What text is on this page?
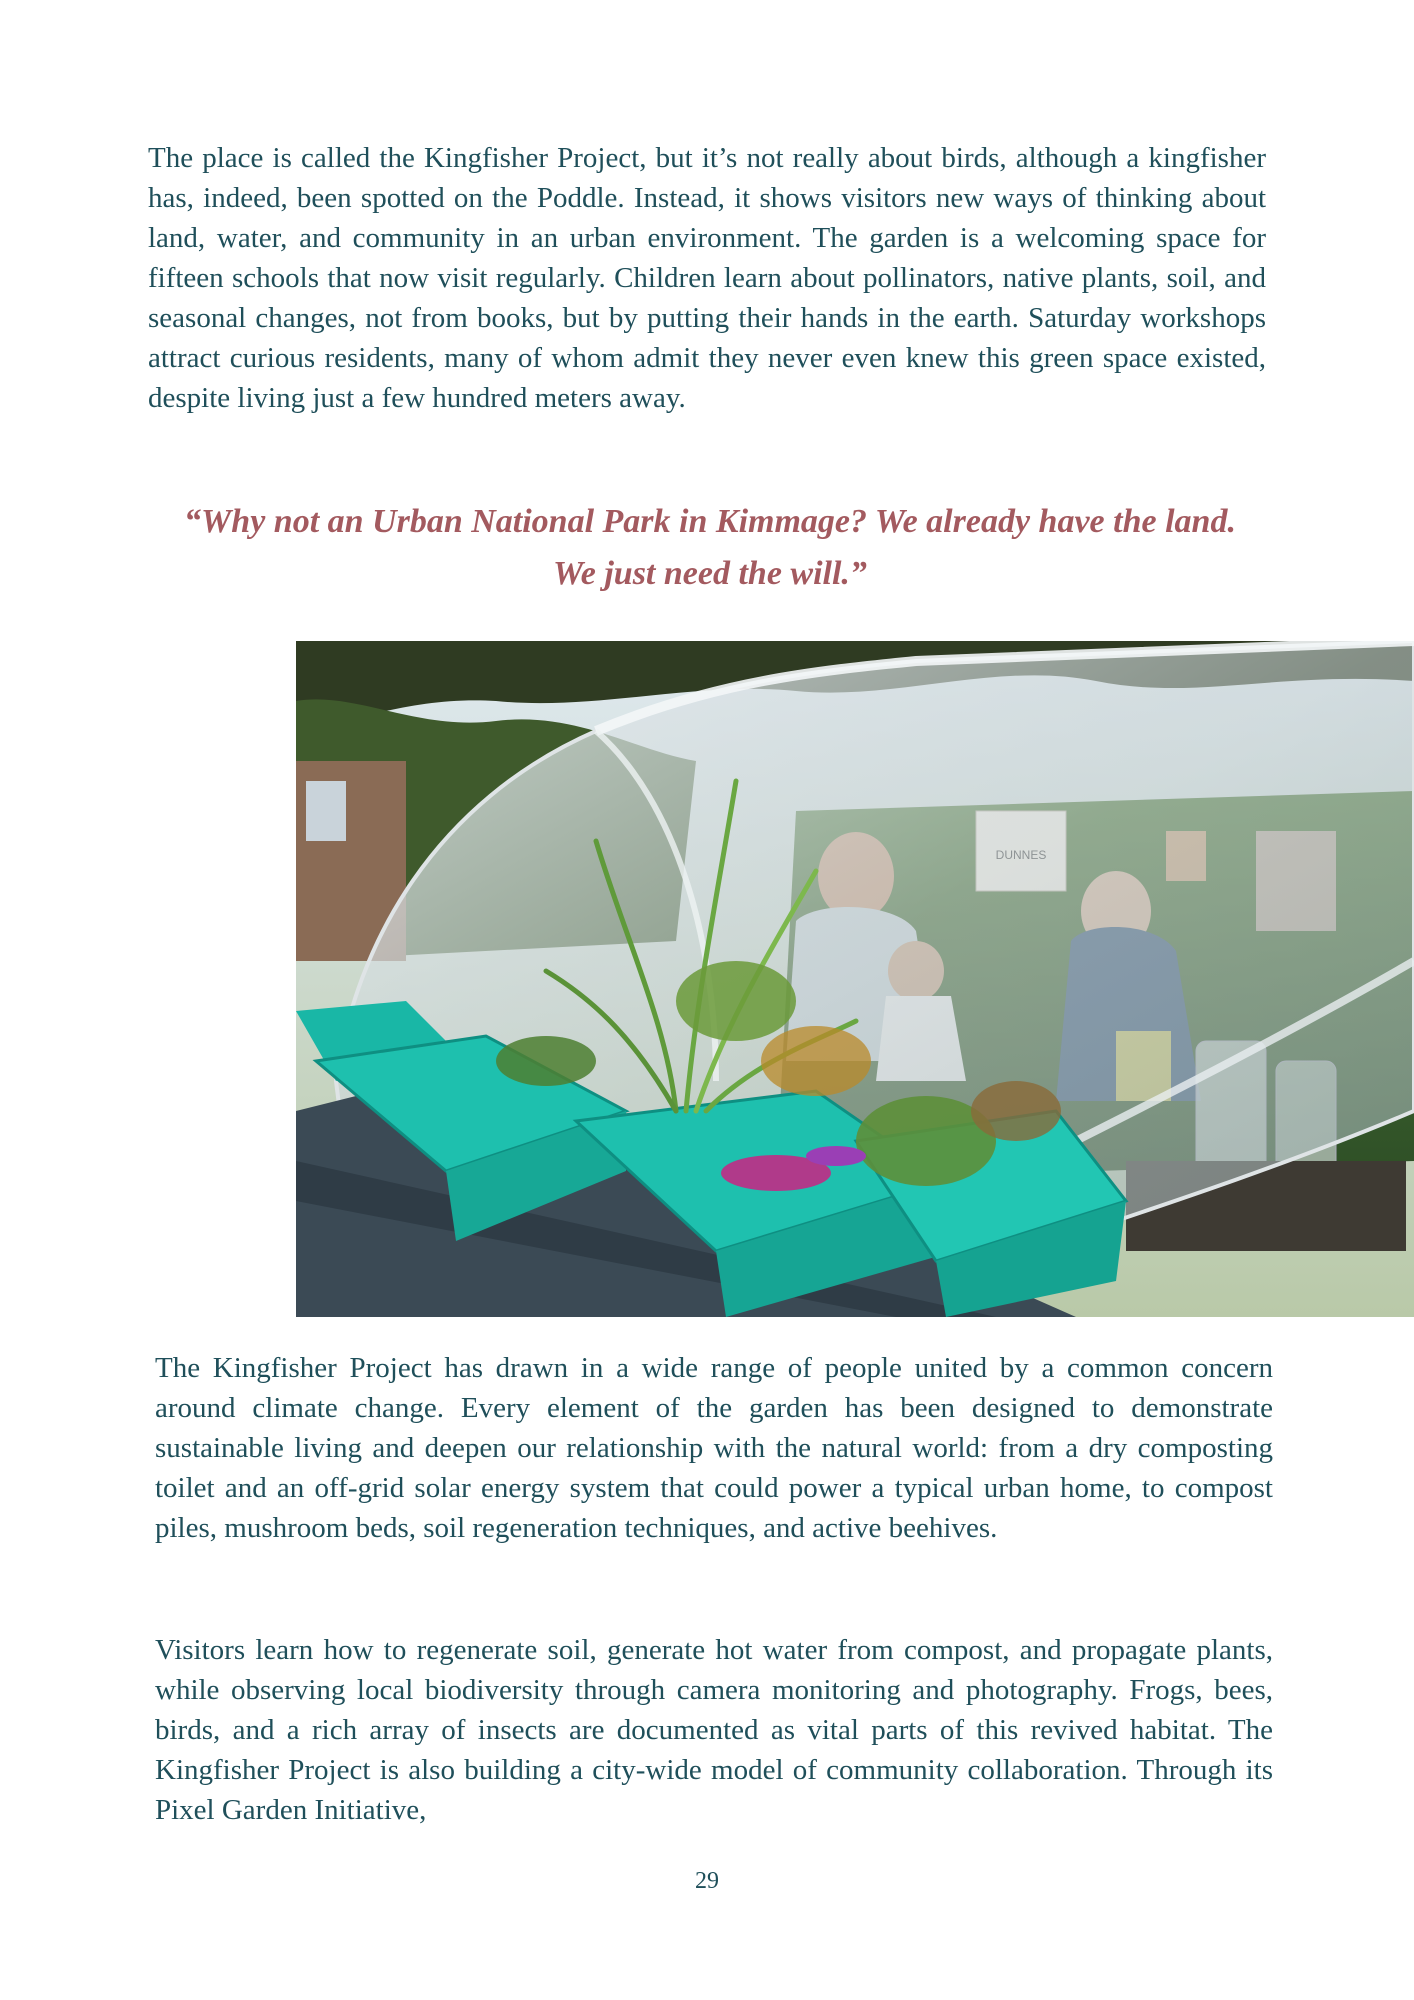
The place is called the Kingfisher Project, but it’s not really about birds, although a kingfisher has, indeed, been spotted on the Poddle. Instead, it shows visitors new ways of thinking about land, water, and community in an urban environment. The garden is a welcoming space for fifteen schools that now visit regularly. Children learn about pollinators, native plants, soil, and seasonal changes, not from books, but by putting their hands in the earth. Saturday workshops attract curious residents, many of whom admit they never even knew this green space existed, despite living just a few hundred meters away.

“Why not an Urban National Park in Kimmage? We already have the land. We just need the will.”

The Kingfisher Project has drawn in a wide range of people united by a common concern around climate change. Every element of the garden has been designed to demonstrate sustainable living and deepen our relationship with the natural world: from a dry composting toilet and an off-grid solar energy system that could power a typical urban home, to compost piles, mushroom beds, soil regeneration techniques, and active beehives.

Visitors learn how to regenerate soil, generate hot water from compost, and propagate plants, while observing local biodiversity through camera monitoring and photography. Frogs, bees, birds, and a rich array of insects are documented as vital parts of this revived habitat. The Kingfisher Project is also building a city-wide model of community collaboration. Through its Pixel Garden Initiative,

29
